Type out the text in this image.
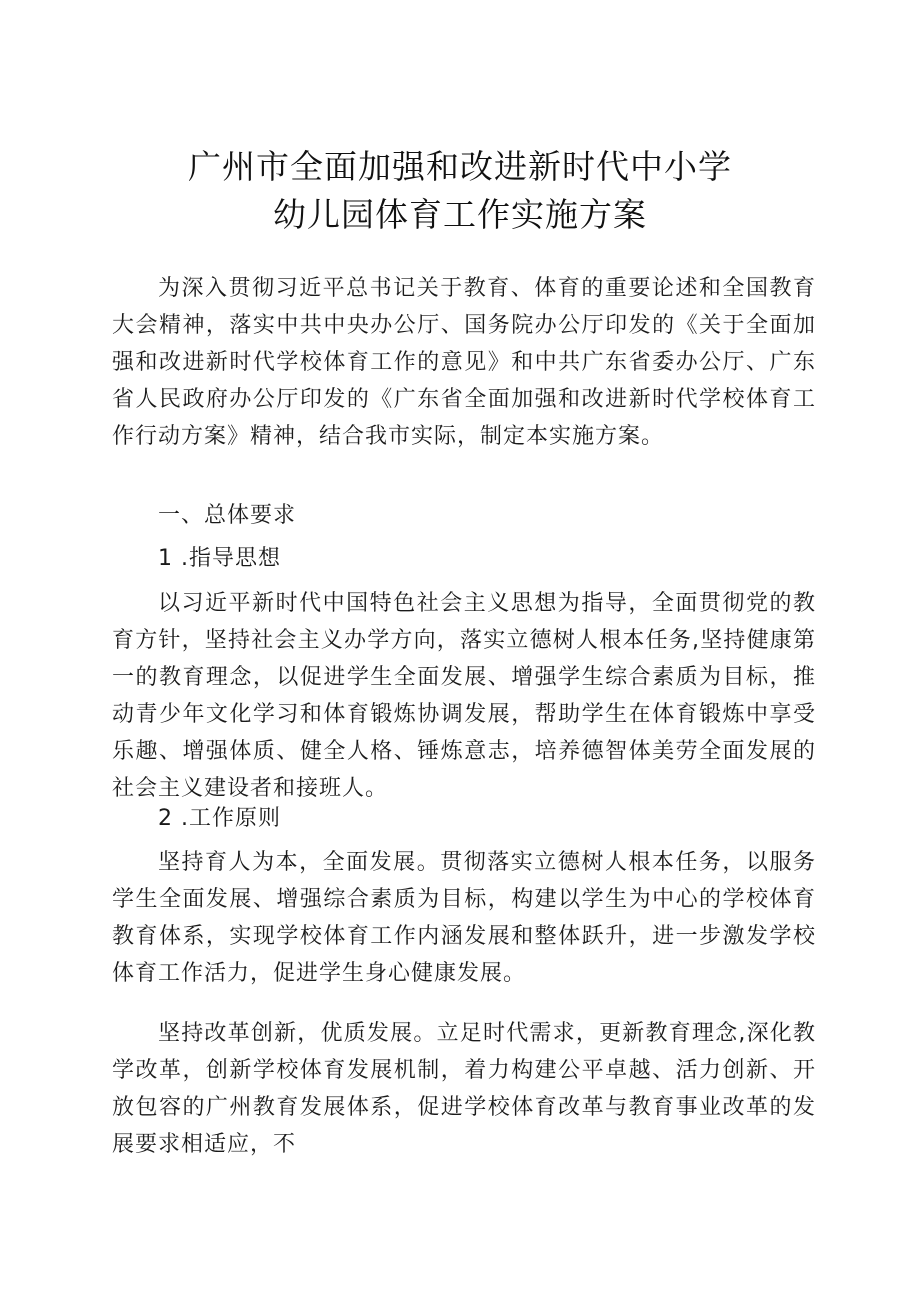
广州市全面加强和改进新时代中小学
幼儿园体育工作实施方案

为深入贯彻习近平总书记关于教育、体育的重要论述和全国教育大会精神，落实中共中央办公厅、国务院办公厅印发的《关于全面加强和改进新时代学校体育工作的意见》和中共广东省委办公厅、广东省人民政府办公厅印发的《广东省全面加强和改进新时代学校体育工作行动方案》精神，结合我市实际，制定本实施方案。

一、总体要求
1 .指导思想

以习近平新时代中国特色社会主义思想为指导，全面贯彻党的教育方针，坚持社会主义办学方向，落实立德树人根本任务,坚持健康第一的教育理念，以促进学生全面发展、增强学生综合素质为目标，推动青少年文化学习和体育锻炼协调发展，帮助学生在体育锻炼中享受乐趣、增强体质、健全人格、锤炼意志，培养德智体美劳全面发展的社会主义建设者和接班人。

2 .工作原则

坚持育人为本，全面发展。贯彻落实立德树人根本任务，以服务学生全面发展、增强综合素质为目标，构建以学生为中心的学校体育教育体系，实现学校体育工作内涵发展和整体跃升，进一步激发学校体育工作活力，促进学生身心健康发展。

坚持改革创新，优质发展。立足时代需求，更新教育理念,深化教学改革，创新学校体育发展机制，着力构建公平卓越、活力创新、开放包容的广州教育发展体系，促进学校体育改革与教育事业改革的发展要求相适应，不
